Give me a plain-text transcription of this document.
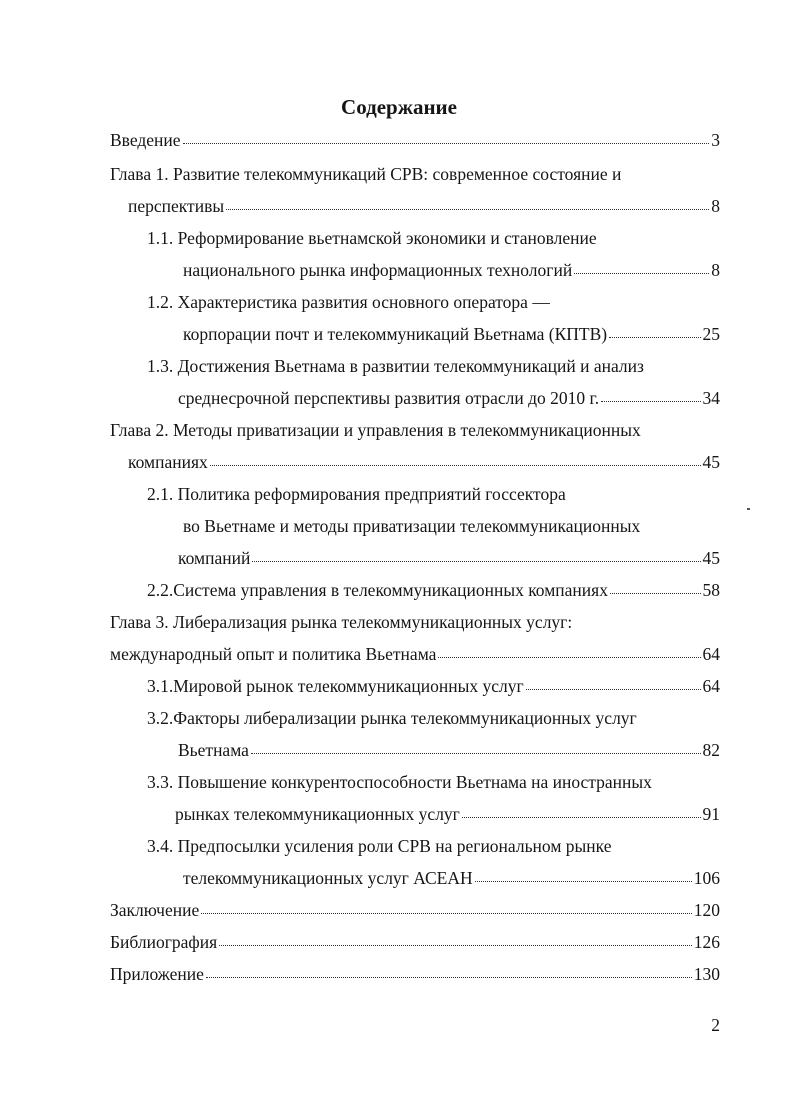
Содержание
Введение	3
Глава 1. Развитие телекоммуникаций СРВ: современное состояние и
перспективы	8
1.1. Реформирование вьетнамской экономики и становление
национального рынка информационных технологий	8
1.2. Характеристика развития основного оператора —
корпорации почт и телекоммуникаций Вьетнама (КПТВ)	25
1.3. Достижения Вьетнама в развитии телекоммуникаций и анализ
среднесрочной перспективы развития отрасли до 2010 г.	34
Глава 2. Методы приватизации и управления в телекоммуникационных
компаниях	45
2.1. Политика реформирования предприятий госсектора
во Вьетнаме и методы приватизации телекоммуникационных
компаний	45
2.2.Система управления в телекоммуникационных компаниях	58
Глава 3. Либерализация рынка телекоммуникационных услуг:
международный опыт и политика Вьетнама	64
3.1.Мировой рынок телекоммуникационных услуг	64
3.2.Факторы либерализации рынка телекоммуникационных услуг
Вьетнама	82
3.3. Повышение конкурентоспособности Вьетнама на иностранных
рынках телекоммуникационных услуг	91
3.4. Предпосылки усиления роли СРВ на региональном рынке
телекоммуникационных услуг АСЕАН	106
Заключение	120
Библиография	126
Приложение	130
2
